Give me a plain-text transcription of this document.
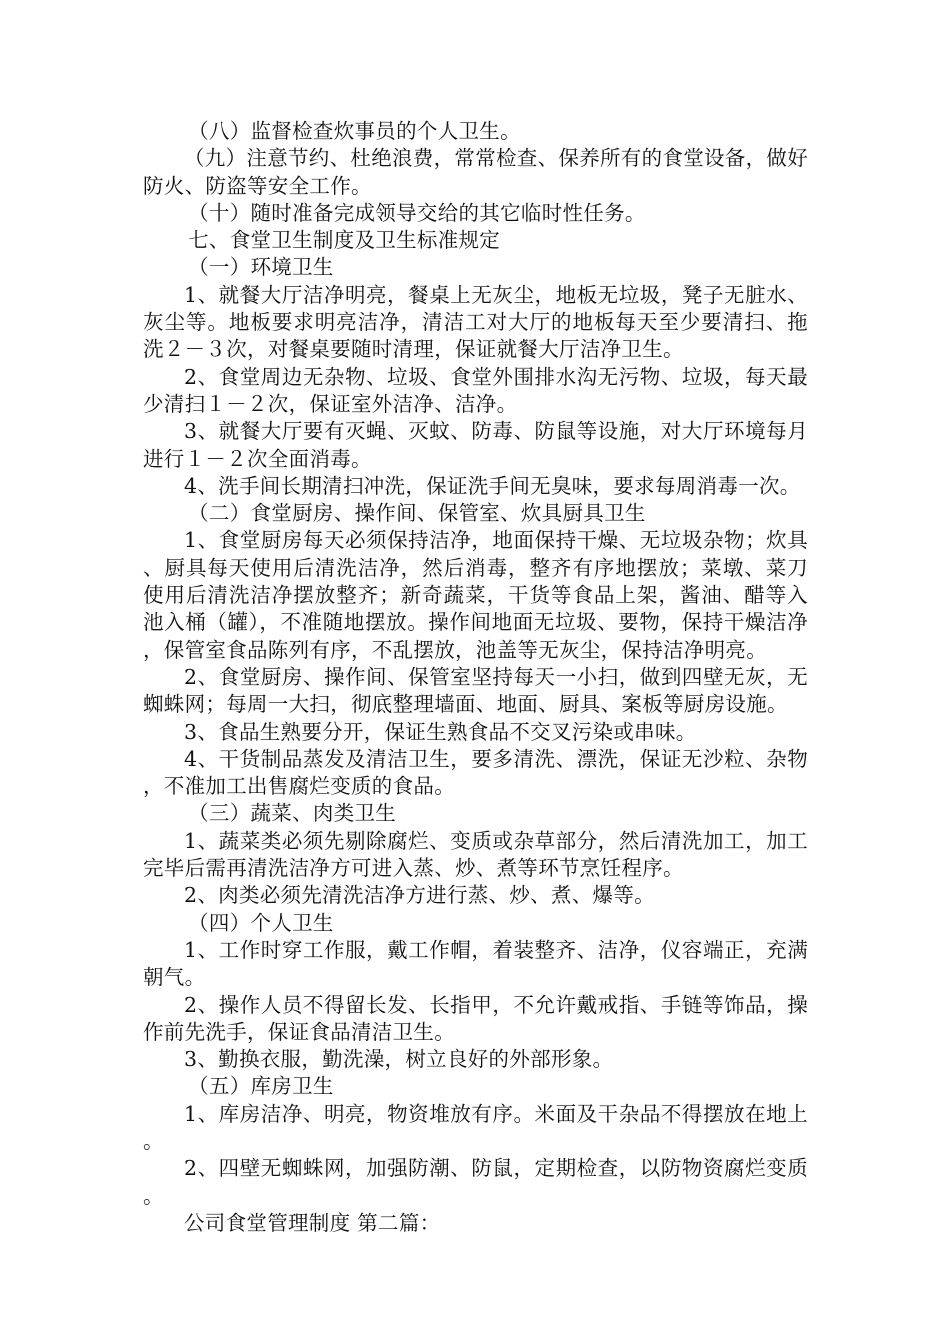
（八）监督检查炊事员的个人卫生。

（九）注意节约、杜绝浪费，常常检查、保养所有的食堂设备，做好防火、防盗等安全工作。

（十）随时准备完成领导交给的其它临时性任务。

七、食堂卫生制度及卫生标准规定

（一）环境卫生

1、就餐大厅洁净明亮，餐桌上无灰尘，地板无垃圾，凳子无脏水、灰尘等。地板要求明亮洁净，清洁工对大厅的地板每天至少要清扫、拖洗２－３次，对餐桌要随时清理，保证就餐大厅洁净卫生。

2、食堂周边无杂物、垃圾、食堂外围排水沟无污物、垃圾，每天最少清扫１－２次，保证室外洁净、洁净。

3、就餐大厅要有灭蝇、灭蚊、防毒、防鼠等设施，对大厅环境每月进行１－２次全面消毒。

4、洗手间长期清扫冲洗，保证洗手间无臭味，要求每周消毒一次。

（二）食堂厨房、操作间、保管室、炊具厨具卫生

1、食堂厨房每天必须保持洁净，地面保持干燥、无垃圾杂物；炊具、厨具每天使用后清洗洁净，然后消毒，整齐有序地摆放；菜墩、菜刀使用后清洗洁净摆放整齐；新奇蔬菜，干货等食品上架，酱油、醋等入池入桶（罐），不准随地摆放。操作间地面无垃圾、要物，保持干燥洁净，保管室食品陈列有序，不乱摆放，池盖等无灰尘，保持洁净明亮。

2、食堂厨房、操作间、保管室坚持每天一小扫，做到四壁无灰，无蜘蛛网；每周一大扫，彻底整理墙面、地面、厨具、案板等厨房设施。

3、食品生熟要分开，保证生熟食品不交叉污染或串味。

4、干货制品蒸发及清洁卫生，要多清洗、漂洗，保证无沙粒、杂物，不准加工出售腐烂变质的食品。

（三）蔬菜、肉类卫生

1、蔬菜类必须先剔除腐烂、变质或杂草部分，然后清洗加工，加工完毕后需再清洗洁净方可进入蒸、炒、煮等环节烹饪程序。

2、肉类必须先清洗洁净方进行蒸、炒、煮、爆等。

（四）个人卫生

1、工作时穿工作服，戴工作帽，着装整齐、洁净，仪容端正，充满朝气。

2、操作人员不得留长发、长指甲，不允许戴戒指、手链等饰品，操作前先洗手，保证食品清洁卫生。

3、勤换衣服，勤洗澡，树立良好的外部形象。

（五）库房卫生

1、库房洁净、明亮，物资堆放有序。米面及干杂品不得摆放在地上。

2、四壁无蜘蛛网，加强防潮、防鼠，定期检查，以防物资腐烂变质。

公司食堂管理制度 第二篇：
